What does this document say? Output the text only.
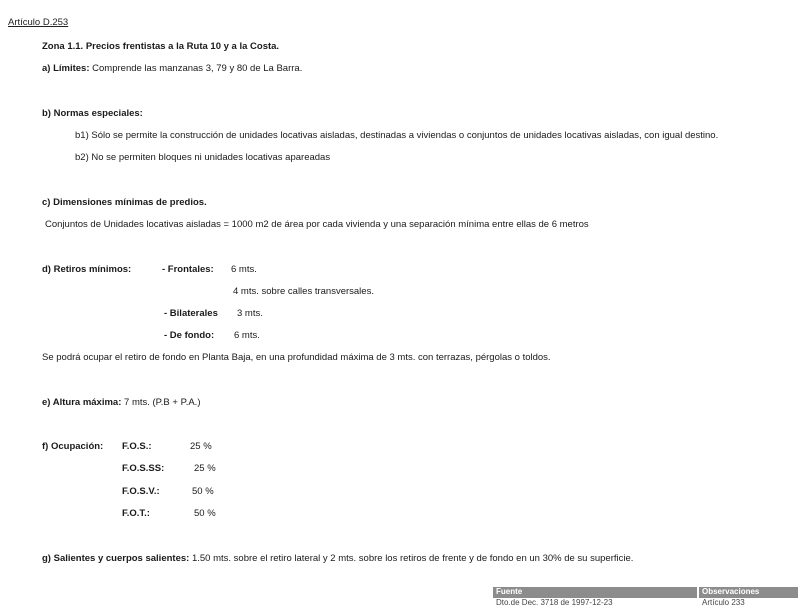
Artículo D.253
Zona 1.1. Precios frentistas a la Ruta 10 y a la Costa.
a) Límites: Comprende las manzanas 3, 79 y 80 de La Barra.
b) Normas especiales:
b1) Sólo se permite la construcción de unidades locativas aisladas, destinadas a viviendas o conjuntos de unidades locativas aisladas, con igual destino.
b2) No se permiten bloques ni unidades locativas apareadas
c) Dimensiones mínimas de predios.
Conjuntos de Unidades locativas aisladas = 1000 m2 de área por cada vivienda y una separación mínima entre ellas de 6 metros
d) Retiros mínimos:	- Frontales: 6 mts.
4 mts. sobre calles transversales.
- Bilaterales 3 mts.
- De fondo: 6 mts.
Se podrá ocupar el retiro de fondo en Planta Baja, en una profundidad máxima de 3 mts. con terrazas, pérgolas o toldos.
e) Altura máxima: 7 mts. (P.B + P.A.)
f) Ocupación: F.O.S.:	25 %
F.O.S.SS:	25 %
F.O.S.V.:	50 %
F.O.T.:	50 %
g) Salientes y cuerpos salientes: 1.50 mts. sobre el retiro lateral y 2 mts. sobre los retiros de frente y de fondo en un 30% de su superficie.
Fuente	Observaciones
Dto.de Dec. 3718 de 1997-12-23	Artículo 233
